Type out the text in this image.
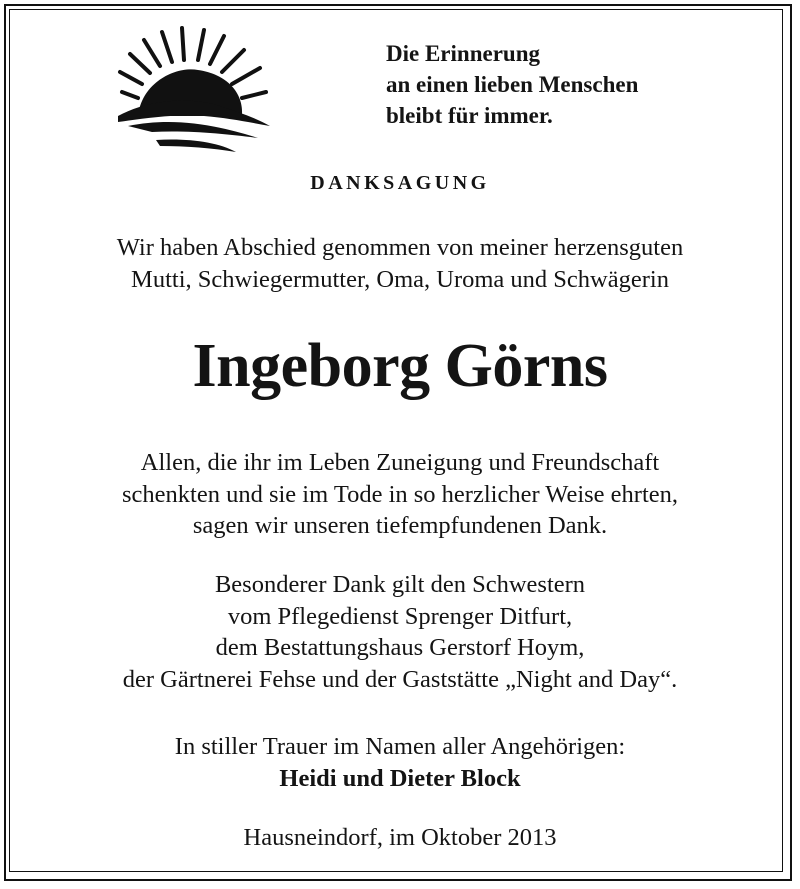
Die Erinnerung
an einen lieben Menschen
bleibt für immer.
DANKSAGUNG
Wir haben Abschied genommen von meiner herzensguten
Mutti, Schwiegermutter, Oma, Uroma und Schwägerin
Ingeborg Görns
Allen, die ihr im Leben Zuneigung und Freundschaft
schenkten und sie im Tode in so herzlicher Weise ehrten,
sagen wir unseren tiefempfundenen Dank.
Besonderer Dank gilt den Schwestern
vom Pflegedienst Sprenger Ditfurt,
dem Bestattungshaus Gerstorf Hoym,
der Gärtnerei Fehse und der Gaststätte „Night and Day“.
In stiller Trauer im Namen aller Angehörigen:
Heidi und Dieter Block
Hausneindorf, im Oktober 2013
